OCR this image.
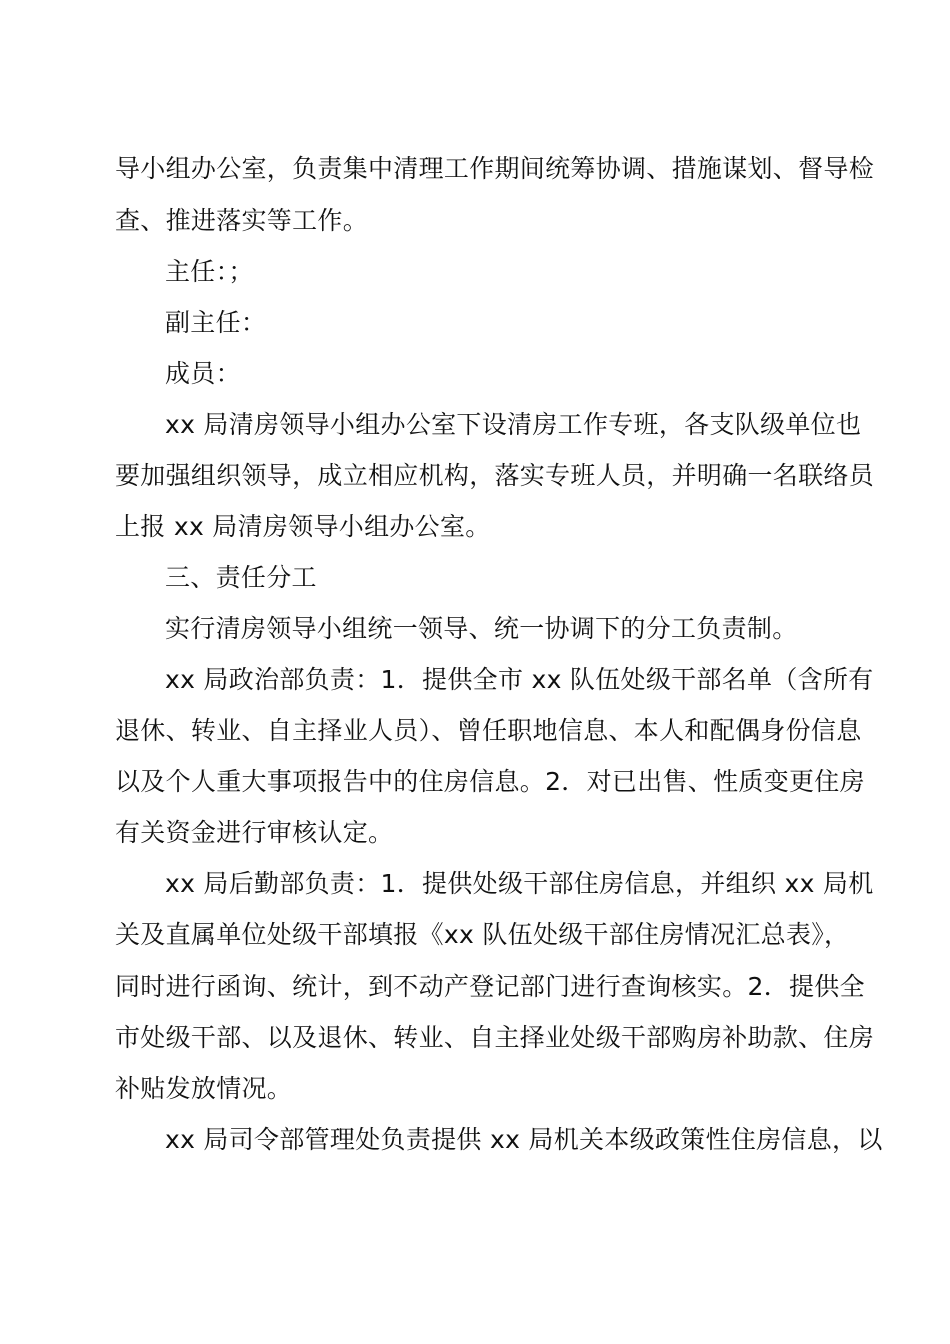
导小组办公室，负责集中清理工作期间统筹协调、措施谋划、督导检
查、推进落实等工作。
主任：；
副主任：
成员：
xx 局清房领导小组办公室下设清房工作专班，各支队级单位也
要加强组织领导，成立相应机构，落实专班人员，并明确一名联络员
上报 xx 局清房领导小组办公室。
三、责任分工
实行清房领导小组统一领导、统一协调下的分工负责制。
xx 局政治部负责：1．提供全市 xx 队伍处级干部名单（含所有
退休、转业、自主择业人员）、曾任职地信息、本人和配偶身份信息
以及个人重大事项报告中的住房信息。2．对已出售、性质变更住房
有关资金进行审核认定。
xx 局后勤部负责：1．提供处级干部住房信息，并组织 xx 局机
关及直属单位处级干部填报《xx 队伍处级干部住房情况汇总表》，
同时进行函询、统计，到不动产登记部门进行查询核实。2．提供全
市处级干部、以及退休、转业、自主择业处级干部购房补助款、住房
补贴发放情况。
xx 局司令部管理处负责提供 xx 局机关本级政策性住房信息，以
